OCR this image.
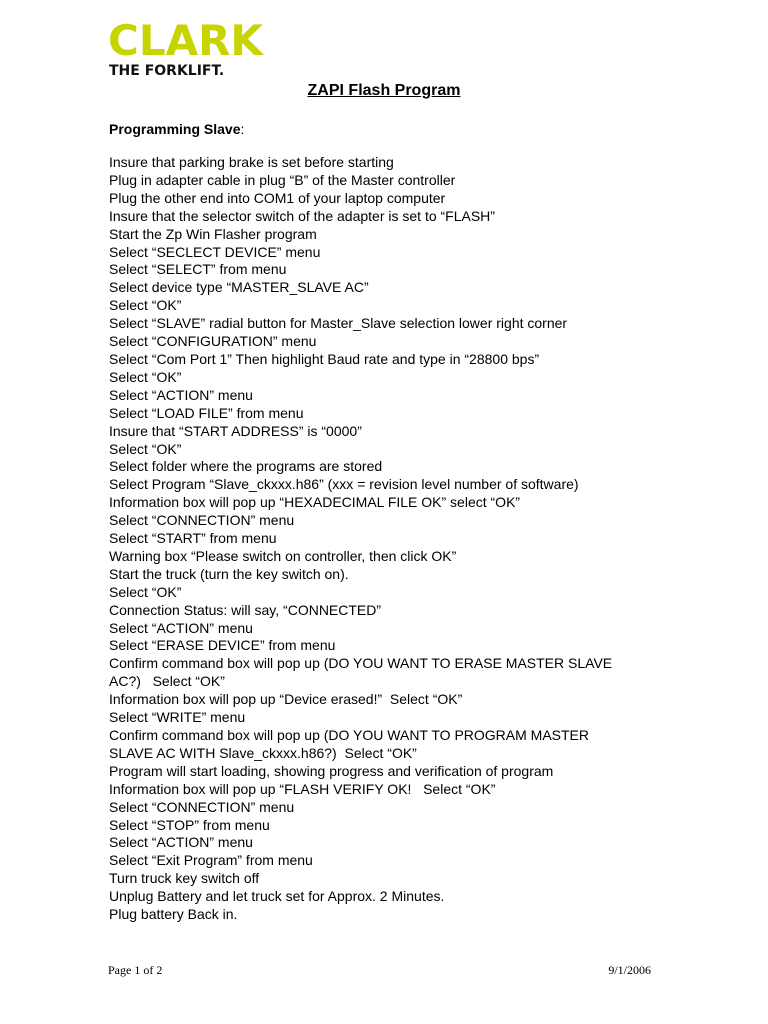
CLARK
THE FORKLIFT.
ZAPI Flash Program
Programming Slave:
Insure that parking brake is set before starting
Plug in adapter cable in plug “B” of the Master controller
Plug the other end into COM1 of your laptop computer
Insure that the selector switch of the adapter is set to “FLASH”
Start the Zp Win Flasher program
Select “SECLECT DEVICE” menu
Select “SELECT” from menu
Select device type “MASTER_SLAVE AC”
Select “OK”
Select “SLAVE” radial button for Master_Slave selection lower right corner
Select “CONFIGURATION” menu
Select “Com Port 1” Then highlight Baud rate and type in “28800 bps”
Select “OK”
Select “ACTION” menu
Select “LOAD FILE” from menu
Insure that “START ADDRESS” is “0000”
Select “OK”
Select folder where the programs are stored
Select Program “Slave_ckxxx.h86” (xxx = revision level number of software)
Information box will pop up “HEXADECIMAL FILE OK” select “OK”
Select “CONNECTION” menu
Select “START” from menu
Warning box “Please switch on controller, then click OK”
Start the truck (turn the key switch on).
Select “OK”
Connection Status: will say, “CONNECTED”
Select “ACTION” menu
Select “ERASE DEVICE” from menu
Confirm command box will pop up (DO YOU WANT TO ERASE MASTER SLAVE
AC?)   Select “OK”
Information box will pop up “Device erased!”  Select “OK”
Select “WRITE” menu
Confirm command box will pop up (DO YOU WANT TO PROGRAM MASTER
SLAVE AC WITH Slave_ckxxx.h86?)  Select “OK”
Program will start loading, showing progress and verification of program
Information box will pop up “FLASH VERIFY OK!   Select “OK”
Select “CONNECTION” menu
Select “STOP” from menu
Select “ACTION” menu
Select “Exit Program” from menu
Turn truck key switch off
Unplug Battery and let truck set for Approx. 2 Minutes.
Plug battery Back in.
Page 1 of 2	9/1/2006
